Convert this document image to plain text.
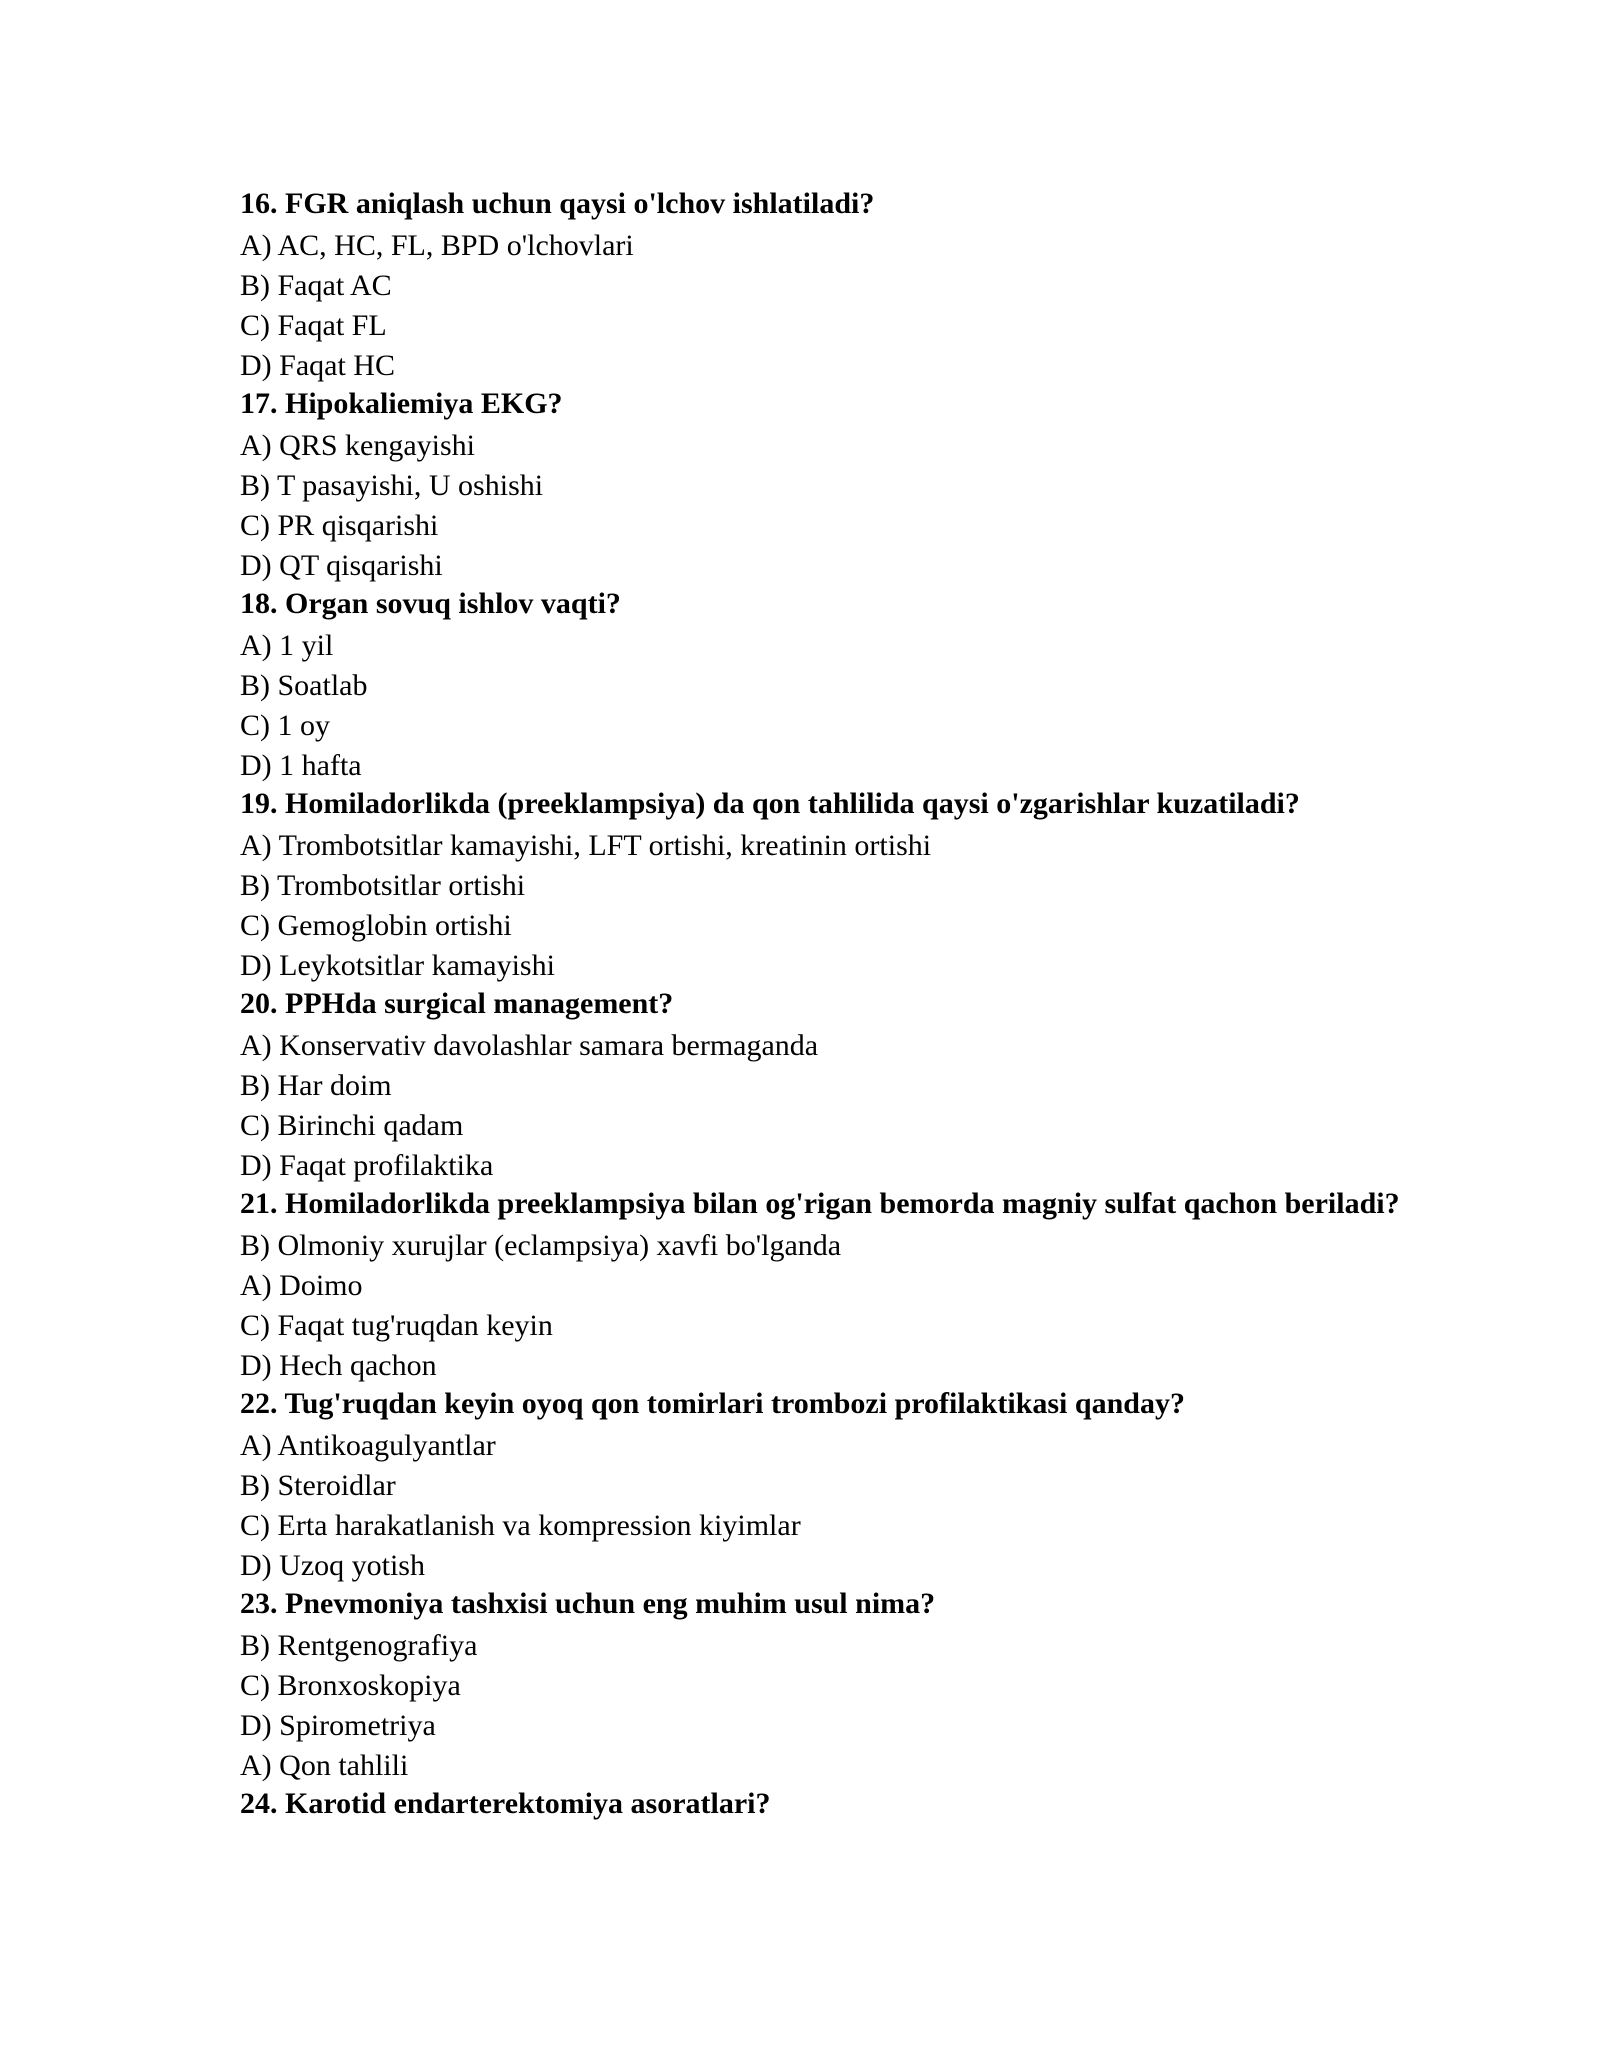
16. FGR aniqlash uchun qaysi o'lchov ishlatiladi?

A) AC, HC, FL, BPD o'lchovlari

B) Faqat AC

C) Faqat FL

D) Faqat HC

17. Hipokaliemiya EKG?

A) QRS kengayishi

B) T pasayishi, U oshishi

C) PR qisqarishi

D) QT qisqarishi

18. Organ sovuq ishlov vaqti?

A) 1 yil

B) Soatlab

C) 1 oy

D) 1 hafta

19. Homiladorlikda (preeklampsiya) da qon tahlilida qaysi o'zgarishlar kuzatiladi?

A) Trombotsitlar kamayishi, LFT ortishi, kreatinin ortishi

B) Trombotsitlar ortishi

C) Gemoglobin ortishi

D) Leykotsitlar kamayishi

20. PPHda surgical management?

A) Konservativ davolashlar samara bermaganda

B) Har doim

C) Birinchi qadam

D) Faqat profilaktika

21. Homiladorlikda preeklampsiya bilan og'rigan bemorda magniy sulfat qachon beriladi?

B) Olmoniy xurujlar (eclampsiya) xavfi bo'lganda

A) Doimo

C) Faqat tug'ruqdan keyin

D) Hech qachon

22. Tug'ruqdan keyin oyoq qon tomirlari trombozi profilaktikasi qanday?

A) Antikoagulyantlar

B) Steroidlar

C) Erta harakatlanish va kompression kiyimlar

D) Uzoq yotish

23. Pnevmoniya tashxisi uchun eng muhim usul nima?

B) Rentgenografiya

C) Bronxoskopiya

D) Spirometriya

A) Qon tahlili

24. Karotid endarterektomiya asoratlari?
